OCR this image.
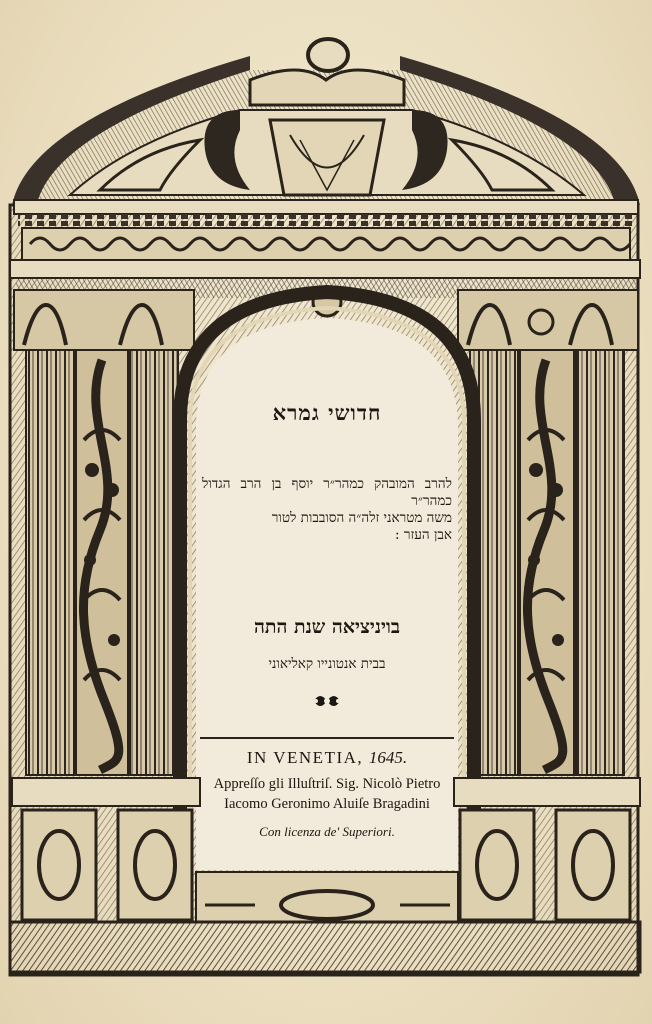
חדושי גמרא
להרב המובהק כמהר״ר יוסף בן הרב הגדול כמהר״ר
משה מטראני זלה״ה הסובבות לטור
אבן העזר :
בויניציאה שנת התה
בבית אנטונייו קאליאוני
IN VENETIA, 1645.
Appreſſo gli Illuſtriſ. Sig. Nicolò Pietro
Iacomo Geronimo Aluiſe Bragadini
Con licenza de' Superiori.
